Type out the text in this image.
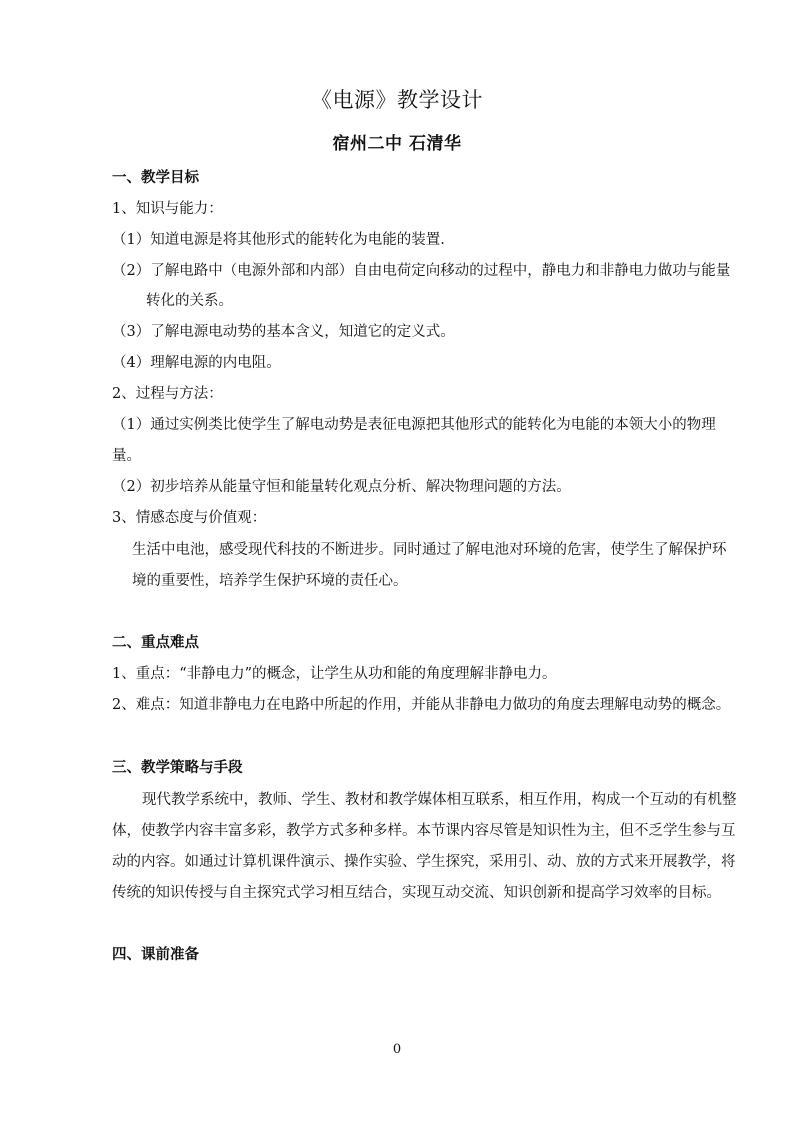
《电源》教学设计
宿州二中 石清华
一、教学目标
1、知识与能力：
（1）知道电源是将其他形式的能转化为电能的装置.
（2）了解电路中（电源外部和内部）自由电荷定向移动的过程中，静电力和非静电力做功与能量
转化的关系。
（3）了解电源电动势的基本含义，知道它的定义式。
（4）理解电源的内电阻。
2、过程与方法：
（1）通过实例类比使学生了解电动势是表征电源把其他形式的能转化为电能的本领大小的物理
量。
（2）初步培养从能量守恒和能量转化观点分析、解决物理问题的方法。
3、情感态度与价值观：
生活中电池，感受现代科技的不断进步。同时通过了解电池对环境的危害，使学生了解保护环
境的重要性，培养学生保护环境的责任心。
二、重点难点
1、重点：“非静电力”的概念，让学生从功和能的角度理解非静电力。
2、难点：知道非静电力在电路中所起的作用，并能从非静电力做功的角度去理解电动势的概念。
三、教学策略与手段
现代教学系统中，教师、学生、教材和教学媒体相互联系，相互作用，构成一个互动的有机整
体，使教学内容丰富多彩，教学方式多种多样。本节课内容尽管是知识性为主，但不乏学生参与互
动的内容。如通过计算机课件演示、操作实验、学生探究，采用引、动、放的方式来开展教学，将
传统的知识传授与自主探究式学习相互结合，实现互动交流、知识创新和提高学习效率的目标。
四、课前准备
0
